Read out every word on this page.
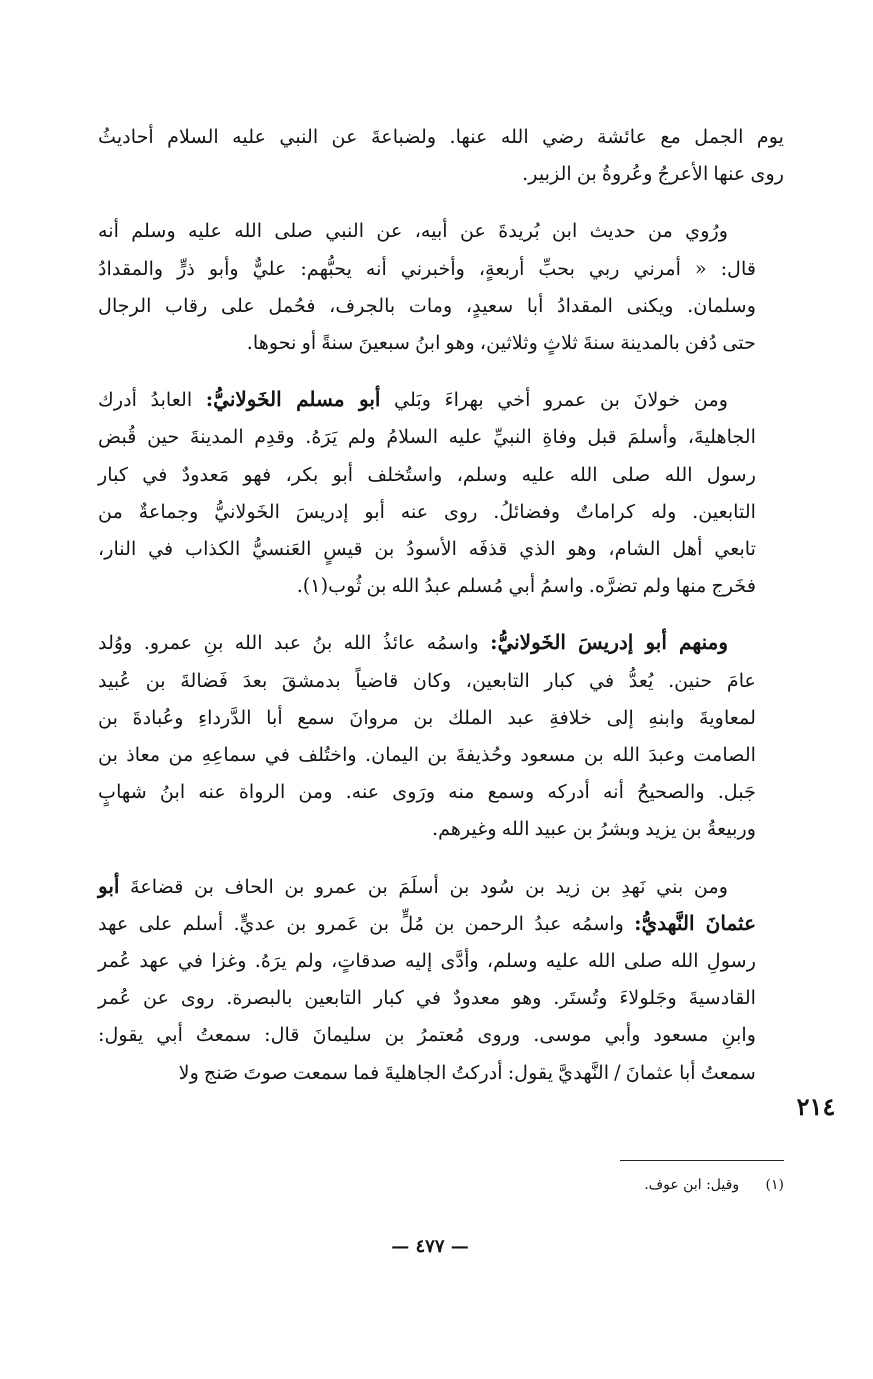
يوم الجمل مع عائشة رضي الله عنها. ولضباعةَ عن النبي عليه السلام أحاديثُ
روى عنها الأعرجُ وعُروةُ بن الزبير.
ورُوي من حديث ابن بُريدةَ عن أبيه، عن النبي صلى الله عليه وسلم أنه
قال: « أمرني ربي بحبِّ أربعةٍ، وأخبرني أنه يحبُّهم: عليٌّ وأبو ذرٍّ والمقدادُ
وسلمان. ويكنى المقدادُ أبا سعيدٍ، ومات بالجرف، فحُمل على رقاب الرجال
حتى دُفن بالمدينة سنةَ ثلاثٍ وثلاثين، وهو ابنُ سبعينَ سنةً أو نحوها.
ومن خولانَ بن عمرو أخي بهراءَ وبَلي أبو مسلم الخَولانيُّ: العابدُ أدرك
الجاهليةَ، وأسلمَ قبل وفاةِ النبيِّ عليه السلامُ ولم يَرَهُ. وقدِم المدينةَ حين قُبض
رسول الله صلى الله عليه وسلم، واستُخلف أبو بكر، فهو مَعدودٌ في كبار
التابعين. وله كراماتٌ وفضائلُ. روى عنه أبو إدريسَ الخَولانيُّ وجماعةٌ من
تابعي أهل الشام، وهو الذي قذفَه الأسودُ بن قيسٍ العَنسيُّ الكذاب في النار،
فخَرج منها ولم تضرَّه. واسمُ أبي مُسلم عبدُ الله بن ثُوب(١).
ومنهم أبو إدريسَ الخَولانيُّ: واسمُه عائذُ الله بنُ عبد الله بنِ عمرو. ووُلد
عامَ حنين. يُعدُّ في كبار التابعين، وكان قاضياً بدمشقَ بعدَ فَضالةَ بن عُبيد
لمعاويةَ وابنهِ إلى خلافةِ عبد الملك بن مروانَ سمع أبا الدَّرداءِ وعُبادةَ بن
الصامت وعبدَ الله بن مسعود وحُذيفةَ بن اليمان. واختُلف في سماعِهِ من معاذ بن
جَبل. والصحيحُ أنه أدركه وسمع منه ورَوى عنه. ومن الرواة عنه ابنُ شهابٍ
وربيعةُ بن يزيد وبشرُ بن عبيد الله وغيرهم.
ومن بني نَهدِ بن زيد بن سُود بن أسلَمَ بن عمرو بن الحاف بن قضاعةَ أبو
عثمانَ النَّهديُّ: واسمُه عبدُ الرحمن بن مُلٍّ بن عَمرو بن عديٍّ. أسلم على عهد
رسولِ الله صلى الله عليه وسلم، وأدَّى إليه صدقاتٍ، ولم يرَهُ. وغزا في عهد عُمر
القادسيةَ وجَلولاءَ وتُستَر. وهو معدودٌ في كبار التابعين بالبصرة. روى عن عُمر
وابنِ مسعود وأبي موسى. وروى مُعتمرُ بن سليمانَ قال: سمعتُ أبي يقول:
سمعتُ أبا عثمانَ / النَّهديَّ يقول: أدركتُ الجاهليةَ فما سمعت صوتَ صَنج ولا
٢١٤
(١) وقيل: ابن عوف.
— ٤٧٧ —
